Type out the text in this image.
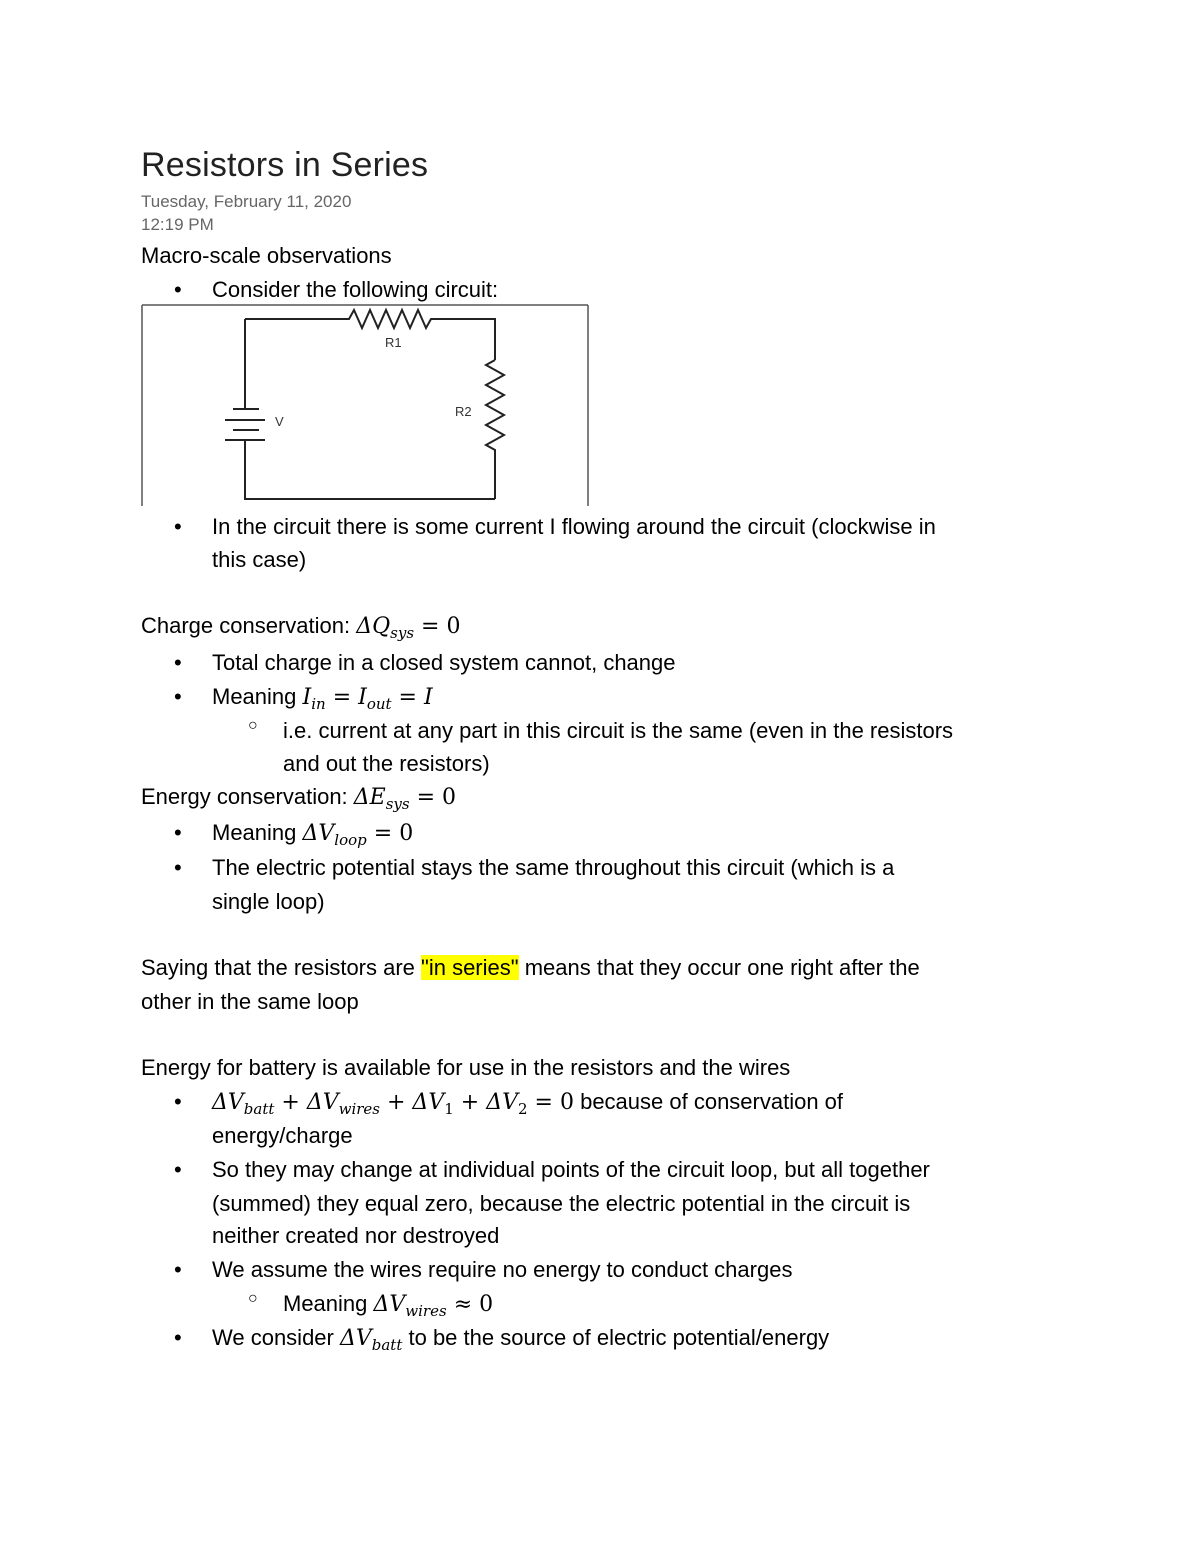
Resistors in Series
Tuesday, February 11, 2020
12:19 PM
Macro-scale observations
• Consider the following circuit:
R1
R2
V
• In the circuit there is some current I flowing around the circuit (clockwise in
this case)
Charge conservation: $\Delta Q_{sys} = 0$
• Total charge in a closed system cannot, change
• Meaning $I_{in} = I_{out} = I$
○ i.e. current at any part in this circuit is the same (even in the resistors
and out the resistors)
Energy conservation: $\Delta E_{sys} = 0$
• Meaning $\Delta V_{loop} = 0$
• The electric potential stays the same throughout this circuit (which is a
single loop)
Saying that the resistors are "in series" means that they occur one right after the
other in the same loop
Energy for battery is available for use in the resistors and the wires
• $\Delta V_{batt} + \Delta V_{wires} + \Delta V_1 + \Delta V_2 = 0$ because of conservation of
energy/charge
• So they may change at individual points of the circuit loop, but all together
(summed) they equal zero, because the electric potential in the circuit is
neither created nor destroyed
• We assume the wires require no energy to conduct charges
○ Meaning $\Delta V_{wires} \approx 0$
• We consider $\Delta V_{batt}$ to be the source of electric potential/energy
